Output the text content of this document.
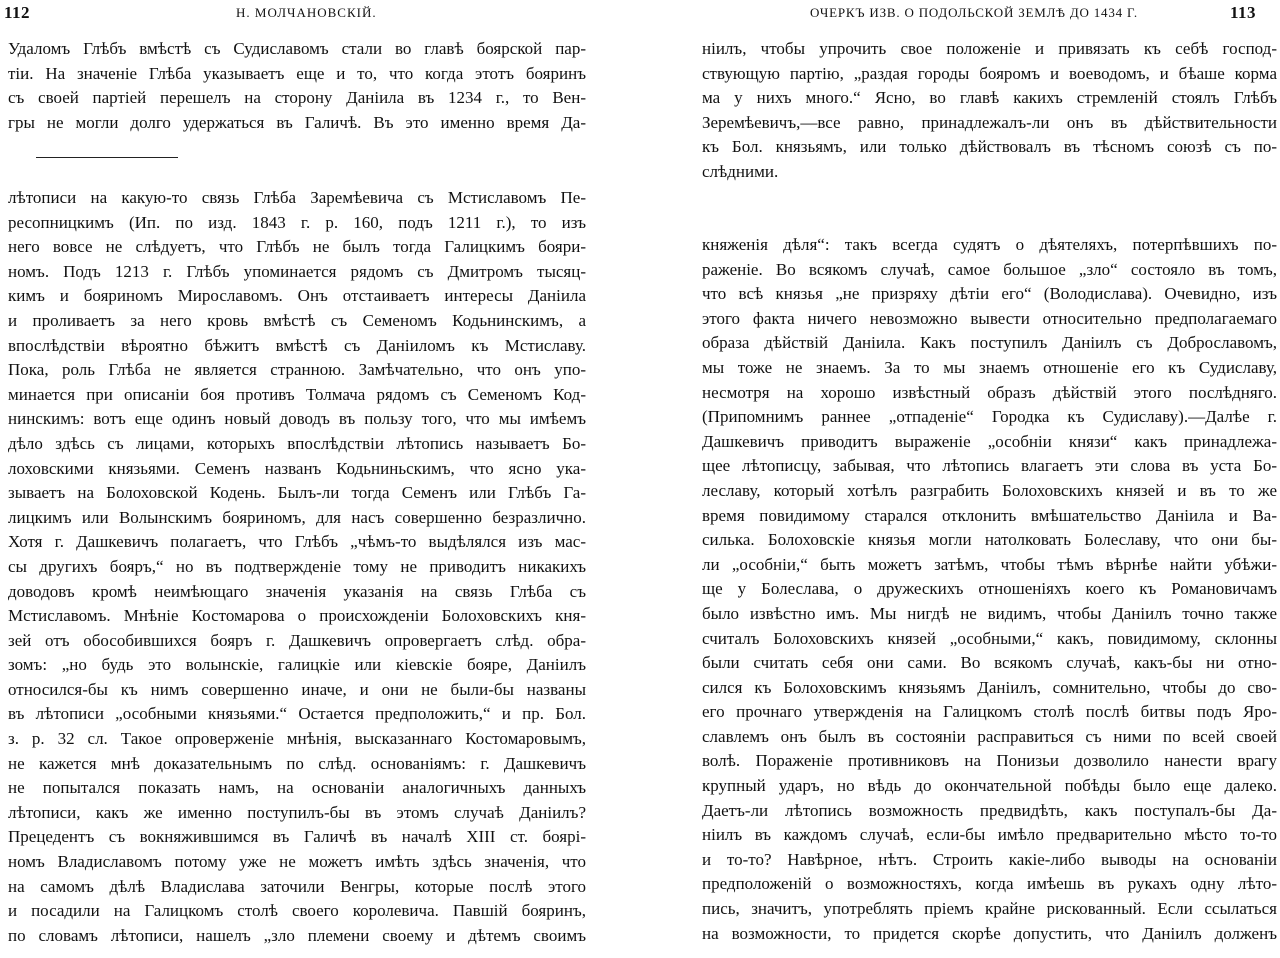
112	Н. МОЛЧАНОВСКІЙ.
Удаломъ Глѣбъ вмѣстѣ съ Судиславомъ стали во главѣ боярской пар-
тіи. На значеніе Глѣба указываетъ еще и то, что когда этотъ бояринъ
съ своей партіей перешелъ на сторону Даніила въ 1234 г., то Вен-
гры не могли долго удержаться въ Галичѣ. Въ это именно время Да-
лѣтописи на какую-то связь Глѣба Заремѣевича съ Мстиславомъ Пе-
ресопницкимъ (Ип. по изд. 1843 г. р. 160, подъ 1211 г.), то изъ
него вовсе не слѣдуетъ, что Глѣбъ не былъ тогда Галицкимъ бояри-
номъ. Подъ 1213 г. Глѣбъ упоминается рядомъ съ Дмитромъ тысяц-
кимъ и бояриномъ Мирославомъ. Онъ отстаиваетъ интересы Даніила
и проливаетъ за него кровь вмѣстѣ съ Семеномъ Кодьнинскимъ, а
впослѣдствіи вѣроятно бѣжитъ вмѣстѣ съ Даніиломъ къ Мстиславу.
Пока, роль Глѣба не является странною. Замѣчательно, что онъ упо-
минается при описаніи боя противъ Толмача рядомъ съ Семеномъ Код-
нинскимъ: вотъ еще одинъ новый доводъ въ пользу того, что мы имѣемъ
дѣло здѣсь съ лицами, которыхъ впослѣдствіи лѣтопись называетъ Бо-
лоховскими князьями. Семенъ названъ Кодьниньскимъ, что ясно ука-
зываетъ на Болоховской Кодень. Былъ-ли тогда Семенъ или Глѣбъ Га-
лицкимъ или Волынскимъ бояриномъ, для насъ совершенно безразлично.
Хотя г. Дашкевичъ полагаетъ, что Глѣбъ „чѣмъ-то выдѣлялся изъ мас-
сы другихъ бояръ,“ но въ подтвержденіе тому не приводитъ никакихъ
доводовъ кромѣ неимѣющаго значенія указанія на связь Глѣба съ
Мстиславомъ. Мнѣніе Костомарова о происхожденіи Болоховскихъ кня-
зей отъ обособившихся бояръ г. Дашкевичъ опровергаетъ слѣд. обра-
зомъ: „но будь это волынскіе, галицкіе или кіевскіе бояре, Даніилъ
относился-бы къ нимъ совершенно иначе, и они не были-бы названы
въ лѣтописи „особными князьями.“ Остается предположить,“ и пр. Бол.
з. р. 32 сл. Такое опроверженіе мнѣнія, высказаннаго Костомаровымъ,
не кажется мнѣ доказательнымъ по слѣд. основаніямъ: г. Дашкевичъ
не попытался показать намъ, на основаніи аналогичныхъ данныхъ
лѣтописи, какъ же именно поступилъ-бы въ этомъ случаѣ Даніилъ?
Прецедентъ съ вокняжившимся въ Галичѣ въ началѣ XIII ст. боярі-
номъ Владиславомъ потому уже не можетъ имѣть здѣсь значенія, что
на самомъ дѣлѣ Владислава заточили Венгры, которые послѣ этого
и посадили на Галицкомъ столѣ своего королевича. Павшій бояринъ,
по словамъ лѣтописи, нашелъ „зло племени своему и дѣтемъ своимъ
ОЧЕРКЪ ИЗВ. О ПОДОЛЬСКОЙ ЗЕМЛѢ ДО 1434 Г.	113
ніилъ, чтобы упрочить свое положеніе и привязать къ себѣ господ-
ствующую партію, „раздая городы бояромъ и воеводомъ, и бѣаше корма
ма у нихъ много.“ Ясно, во главѣ какихъ стремленій стоялъ Глѣбъ
Зеремѣевичъ,—все равно, принадлежалъ-ли онъ въ дѣйствительности
къ Бол. князьямъ, или только дѣйствовалъ въ тѣсномъ союзѣ съ по-
слѣдними.
княженія дѣля“: такъ всегда судятъ о дѣятеляхъ, потерпѣвшихъ по-
раженіе. Во всякомъ случаѣ, самое большое „зло“ состояло въ томъ,
что всѣ князья „не призряху дѣтіи его“ (Володислава). Очевидно, изъ
этого факта ничего невозможно вывести относительно предполагаемаго
образа дѣйствій Даніила. Какъ поступилъ Даніилъ съ Доброславомъ,
мы тоже не знаемъ. За то мы знаемъ отношеніе его къ Судиславу,
несмотря на хорошо извѣстный образъ дѣйствій этого послѣдняго.
(Припомнимъ раннее „отпаденіе“ Городка къ Судиславу).—Далѣе г.
Дашкевичъ приводитъ выраженіе „особніи князи“ какъ принадлежа-
щее лѣтописцу, забывая, что лѣтопись влагаетъ эти слова въ уста Бо-
леславу, который хотѣлъ разграбить Болоховскихъ князей и въ то же
время повидимому старался отклонить вмѣшательство Даніила и Ва-
силька. Болоховскіе князья могли натолковать Болеславу, что они бы-
ли „особніи,“ быть можетъ затѣмъ, чтобы тѣмъ вѣрнѣе найти убѣжи-
ще у Болеслава, о дружескихъ отношеніяхъ коего къ Романовичамъ
было извѣстно имъ. Мы нигдѣ не видимъ, чтобы Даніилъ точно также
считалъ Болоховскихъ князей „особными,“ какъ, повидимому, склонны
были считать себя они сами. Во всякомъ случаѣ, какъ-бы ни отно-
сился къ Болоховскимъ князьямъ Даніилъ, сомнительно, чтобы до сво-
его прочнаго утвержденія на Галицкомъ столѣ послѣ битвы подъ Яро-
славлемъ онъ былъ въ состояніи расправиться съ ними по всей своей
волѣ. Пораженіе противниковъ на Понизьи дозволило нанести врагу
крупный ударъ, но вѣдь до окончательной побѣды было еще далеко.
Даетъ-ли лѣтопись возможность предвидѣть, какъ поступалъ-бы Да-
ніилъ въ каждомъ случаѣ, если-бы имѣло предварительно мѣсто то-то
и то-то? Навѣрное, нѣтъ. Строить какіе-либо выводы на основаніи
предположеній о возможностяхъ, когда имѣешь въ рукахъ одну лѣто-
пись, значитъ, употреблять пріемъ крайне рискованный. Если ссылаться
на возможности, то придется скорѣе допустить, что Даніилъ долженъ
